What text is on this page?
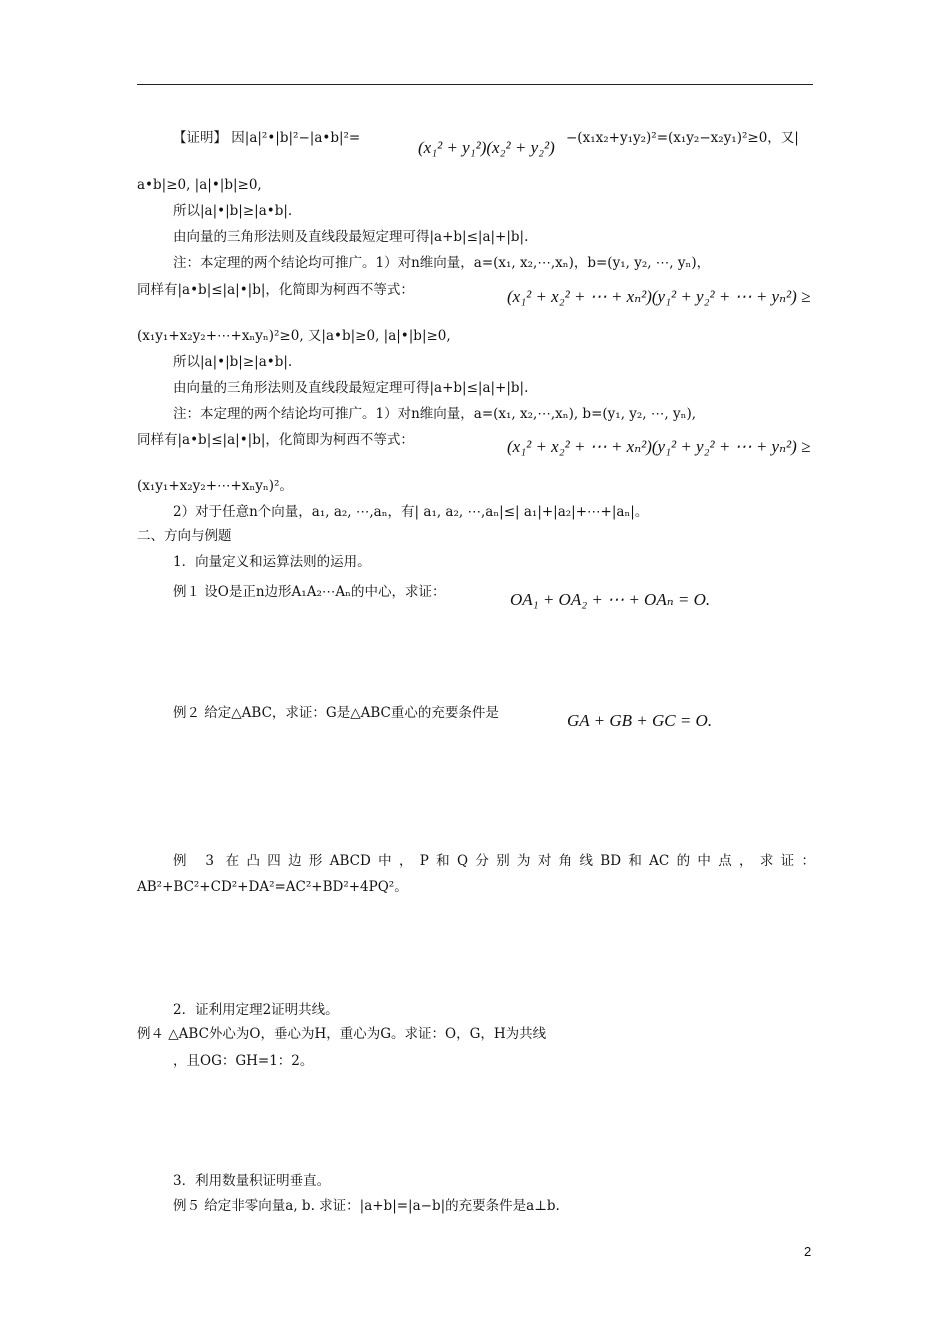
【证明】 因|a|²•|b|²−|a•b|²=	(x₁² + y₁²)(x₂² + y₂²) −(x₁x₂+y₁y₂)²=(x₁y₂−x₂y₁)²≥0，又|
a•b|≥0, |a|•|b|≥0,
所以|a|•|b|≥|a•b|.
由向量的三角形法则及直线段最短定理可得|a+b|≤|a|+|b|.
注：本定理的两个结论均可推广。1）对n维向量，a=(x₁, x₂,⋯,xₙ)，b=(y₁, y₂, ⋯, yₙ)，
同样有|a•b|≤|a|•|b|，化简即为柯西不等式：	(x₁² + x₂² + ⋯ + xₙ²)(y₁² + y₂² + ⋯ + yₙ²) ≥
(x₁y₁+x₂y₂+⋯+xₙyₙ)²≥0, 又|a•b|≥0, |a|•|b|≥0,
所以|a|•|b|≥|a•b|.
由向量的三角形法则及直线段最短定理可得|a+b|≤|a|+|b|.
注：本定理的两个结论均可推广。1）对n维向量，a=(x₁, x₂,⋯,xₙ), b=(y₁, y₂, ⋯, yₙ),
同样有|a•b|≤|a|•|b|，化简即为柯西不等式：	(x₁² + x₂² + ⋯ + xₙ²)(y₁² + y₂² + ⋯ + yₙ²) ≥
(x₁y₁+x₂y₂+⋯+xₙyₙ)²。
2）对于任意n个向量，a₁, a₂, ⋯,aₙ，有| a₁, a₂, ⋯,aₙ|≤| a₁|+|a₂|+⋯+|aₙ|。
二、方向与例题
1．向量定义和运算法则的运用。
例１ 设O是正n边形A₁A₂⋯Aₙ的中心，求证：	OA₁ + OA₂ + ⋯ + OAₙ = O.
例２ 给定△ABC，求证：G是△ABC重心的充要条件是	GA + GB + GC = O.
例 3 在凸四边形ABCD中，P和Q分别为对角线BD和AC的中点，求证：
AB²+BC²+CD²+DA²=AC²+BD²+4PQ²。
2．证利用定理2证明共线。
例４ △ABC外心为O，垂心为H，重心为G。求证：O，G，H为共线
，且OG：GH=1：2。
3．利用数量积证明垂直。
例５ 给定非零向量a, b. 求证：|a+b|=|a−b|的充要条件是a⊥b.
2
